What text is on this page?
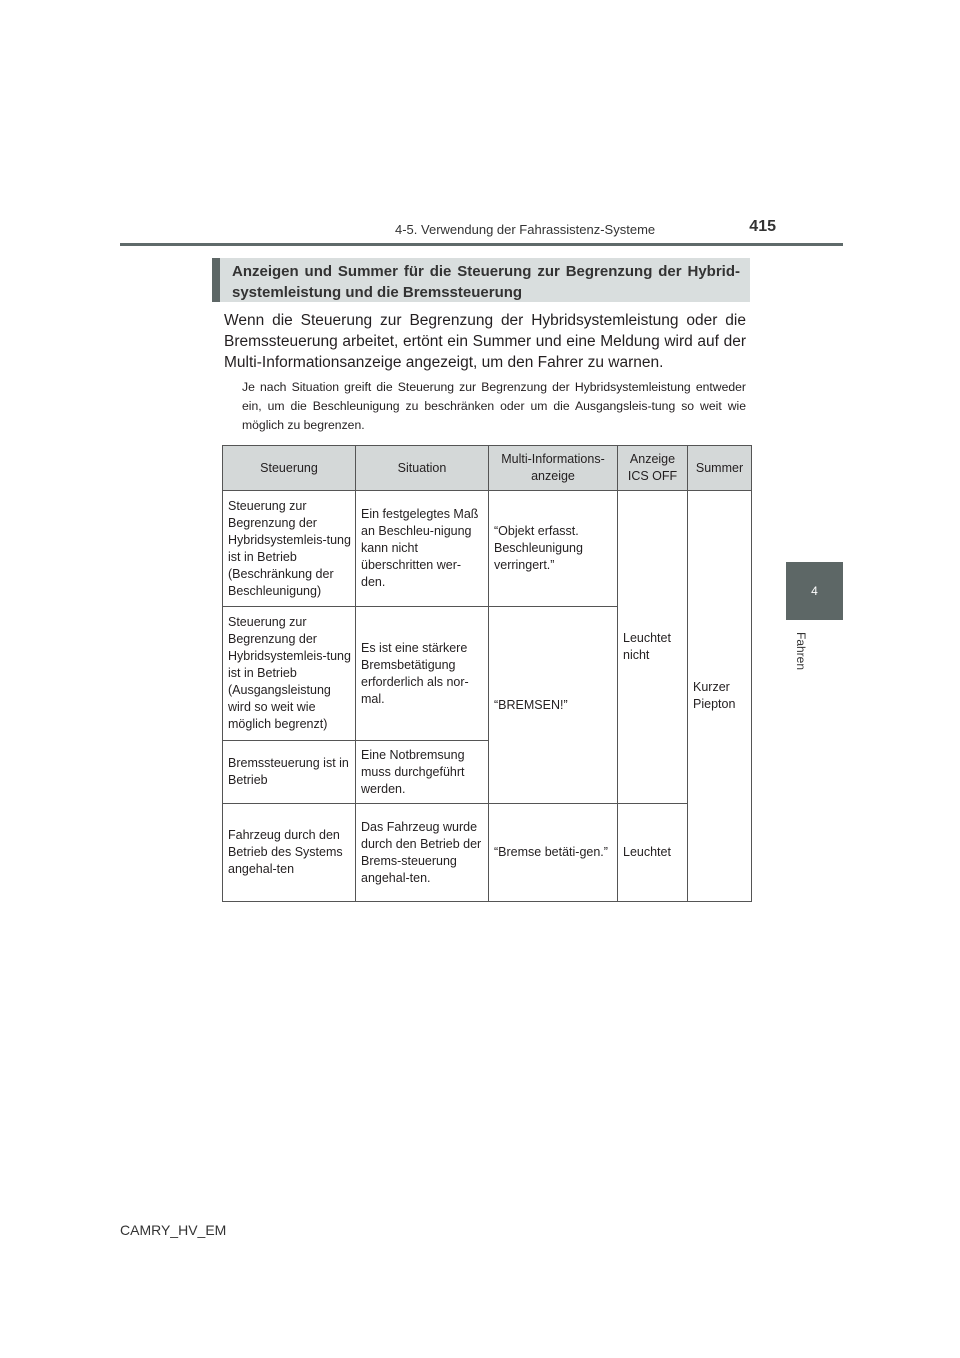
4-5. Verwendung der Fahrassistenz-Systeme	415
4
Fahren
Anzeigen und Summer für die Steuerung zur Begrenzung der Hybrid-systemleistung und die Bremssteuerung
Wenn die Steuerung zur Begrenzung der Hybridsystemleistung oder die Bremssteuerung arbeitet, ertönt ein Summer und eine Meldung wird auf der Multi-Informationsanzeige angezeigt, um den Fahrer zu warnen.
Je nach Situation greift die Steuerung zur Begrenzung der Hybridsystemleistung entweder ein, um die Beschleunigung zu beschränken oder um die Ausgangsleis-tung so weit wie möglich zu begrenzen.
Steuerung	Situation	Multi-Informations-anzeige	Anzeige ICS OFF	Summer
Steuerung zur Begrenzung der Hybridsystemleis-tung ist in Betrieb (Beschränkung der Beschleunigung)	Ein festgelegtes Maß an Beschleu-nigung kann nicht überschritten wer-den.	“Objekt erfasst. Beschleunigung verringert.”	Leuchtet nicht	Kurzer Piepton
Steuerung zur Begrenzung der Hybridsystemleis-tung ist in Betrieb (Ausgangsleistung wird so weit wie möglich begrenzt)	Es ist eine stärkere Bremsbetätigung erforderlich als nor-mal.	“BREMSEN!”		
Bremssteuerung ist in Betrieb	Eine Notbremsung muss durchgeführt werden.			
Fahrzeug durch den Betrieb des Systems angehal-ten	Das Fahrzeug wurde durch den Betrieb der Brems-steuerung angehal-ten.	“Bremse betäti-gen.”	Leuchtet	
CAMRY_HV_EM
